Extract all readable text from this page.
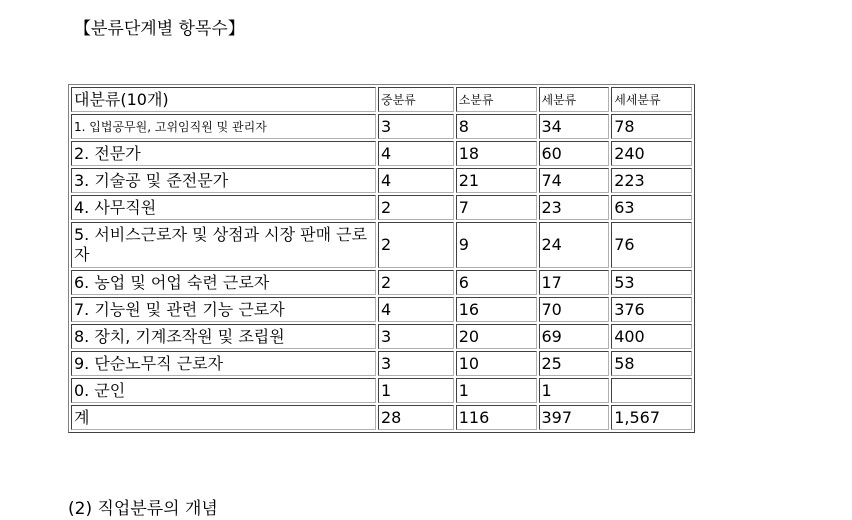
【분류단계별 항목수】
대분류(10개)	중분류	소분류	세분류	세세분류
1. 입법공무원, 고위임직원 및 관리자	3	8	34	78
2. 전문가	4	18	60	240
3. 기술공 및 준전문가	4	21	74	223
4. 사무직원	2	7	23	63
5. 서비스근로자 및 상점과 시장 판매 근로자	2	9	24	76
6. 농업 및 어업 숙련 근로자	2	6	17	53
7. 기능원 및 관련 기능 근로자	4	16	70	376
8. 장치, 기계조작원 및 조립원	3	20	69	400
9. 단순노무직 근로자	3	10	25	58
0. 군인	1	1	1	
계	28	116	397	1,567
(2) 직업분류의 개념
